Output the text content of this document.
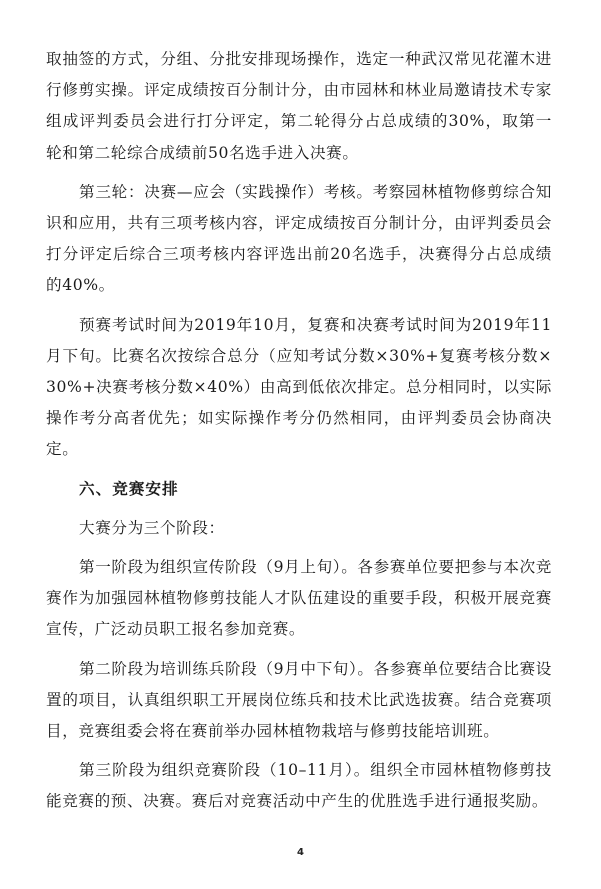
取抽签的方式，分组、分批安排现场操作，选定一种武汉常见花灌木进行修剪实操。评定成绩按百分制计分，由市园林和林业局邀请技术专家组成评判委员会进行打分评定，第二轮得分占总成绩的30%，取第一轮和第二轮综合成绩前50名选手进入决赛。

第三轮：决赛—应会（实践操作）考核。考察园林植物修剪综合知识和应用，共有三项考核内容，评定成绩按百分制计分，由评判委员会打分评定后综合三项考核内容评选出前20名选手，决赛得分占总成绩的40%。

预赛考试时间为2019年10月，复赛和决赛考试时间为2019年11月下旬。比赛名次按综合总分（应知考试分数×30%+复赛考核分数×30%+决赛考核分数×40%）由高到低依次排定。总分相同时，以实际操作考分高者优先；如实际操作考分仍然相同，由评判委员会协商决定。

六、竞赛安排

大赛分为三个阶段：

第一阶段为组织宣传阶段（9月上旬）。各参赛单位要把参与本次竞赛作为加强园林植物修剪技能人才队伍建设的重要手段，积极开展竞赛宣传，广泛动员职工报名参加竞赛。

第二阶段为培训练兵阶段（9月中下旬）。各参赛单位要结合比赛设置的项目，认真组织职工开展岗位练兵和技术比武选拔赛。结合竞赛项目，竞赛组委会将在赛前举办园林植物栽培与修剪技能培训班。

第三阶段为组织竞赛阶段（10–11月）。组织全市园林植物修剪技能竞赛的预、决赛。赛后对竞赛活动中产生的优胜选手进行通报奖励。

4
